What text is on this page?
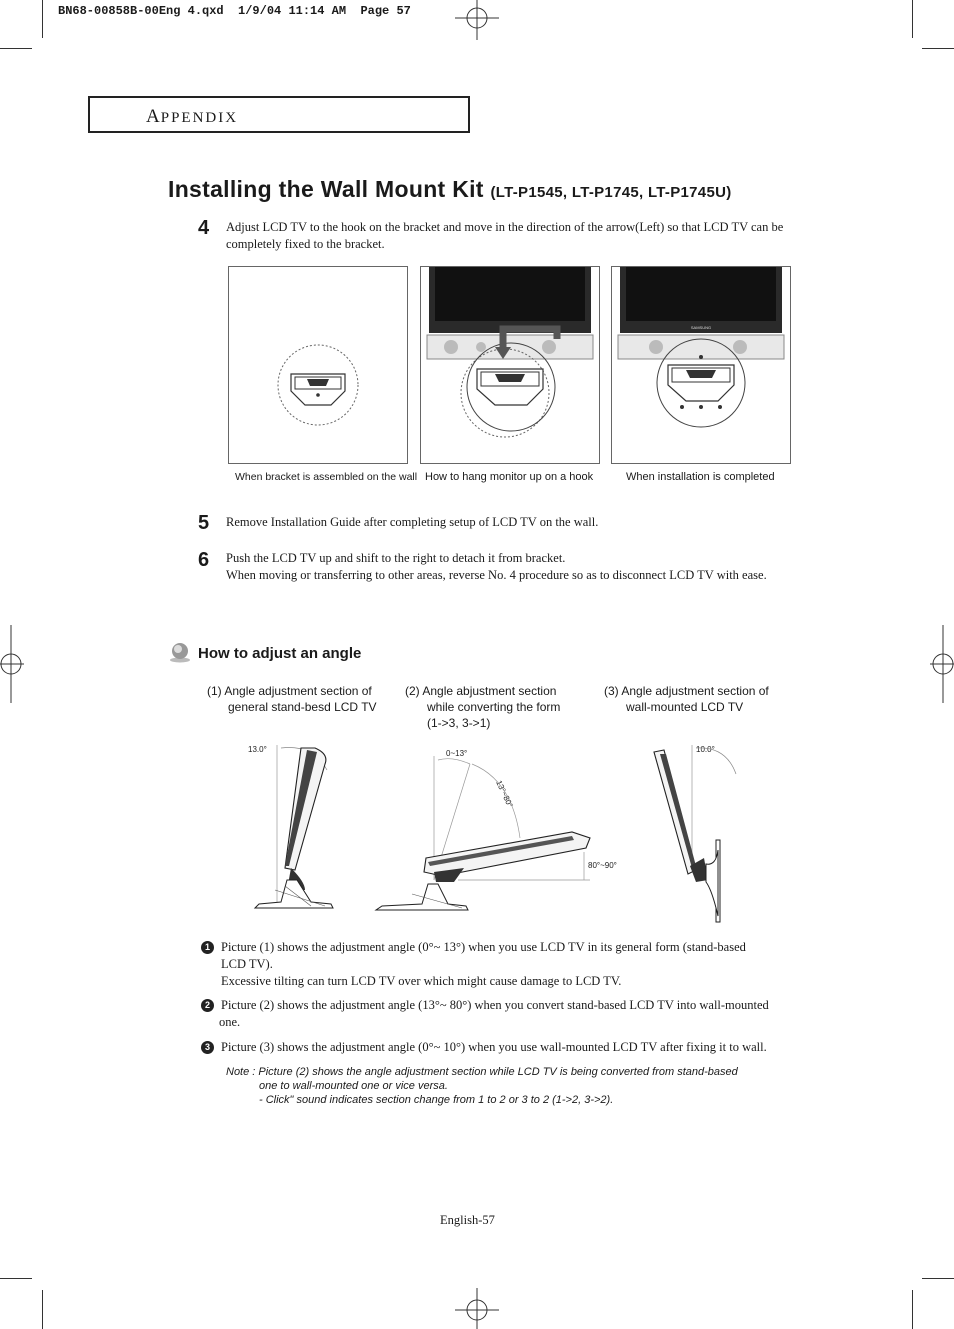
BN68-00858B-00Eng 4.qxd  1/9/04 11:14 AM  Page 57
APPENDIX
Installing the Wall Mount Kit (LT-P1545, LT-P1745, LT-P1745U)
4 Adjust LCD TV to the hook on the bracket and move in the direction of the arrow(Left) so that LCD TV can be
completely fixed to the bracket.
SAMSUNG	SAMSUNG
When bracket is assembled on the wall How to hang monitor up on a hook	When installation is completed
5 Remove Installation Guide after completing setup of LCD TV on the wall.
6 Push the LCD TV up and shift to the right to detach it from bracket.
When moving or transferring to other areas, reverse No. 4 procedure so as to disconnect LCD TV with ease.
How to adjust an angle
(1) Angle adjustment section of
general stand-besd LCD TV
(2) Angle abjustment section
while converting the form
(1->3, 3->1)
(3) Angle adjustment section of
wall-mounted LCD TV
13.0°	0~13°
13°~80°
80°~90°
10.0°
1 Picture (1) shows the adjustment angle (0°~ 13°) when you use LCD TV in its general form (stand-based
LCD TV).
Excessive tilting can turn LCD TV over which might cause damage to LCD TV.
2 Picture (2) shows the adjustment angle (13°~ 80°) when you convert stand-based LCD TV into wall-mounted
one.
3 Picture (3) shows the adjustment angle (0°~ 10°) when you use wall-mounted LCD TV after fixing it to wall.
Note : Picture (2) shows the angle adjustment section while LCD TV is being converted from stand-based
one to wall-mounted one or vice versa.
- Click" sound indicates section change from 1 to 2 or 3 to 2 (1->2, 3->2).
English-57
